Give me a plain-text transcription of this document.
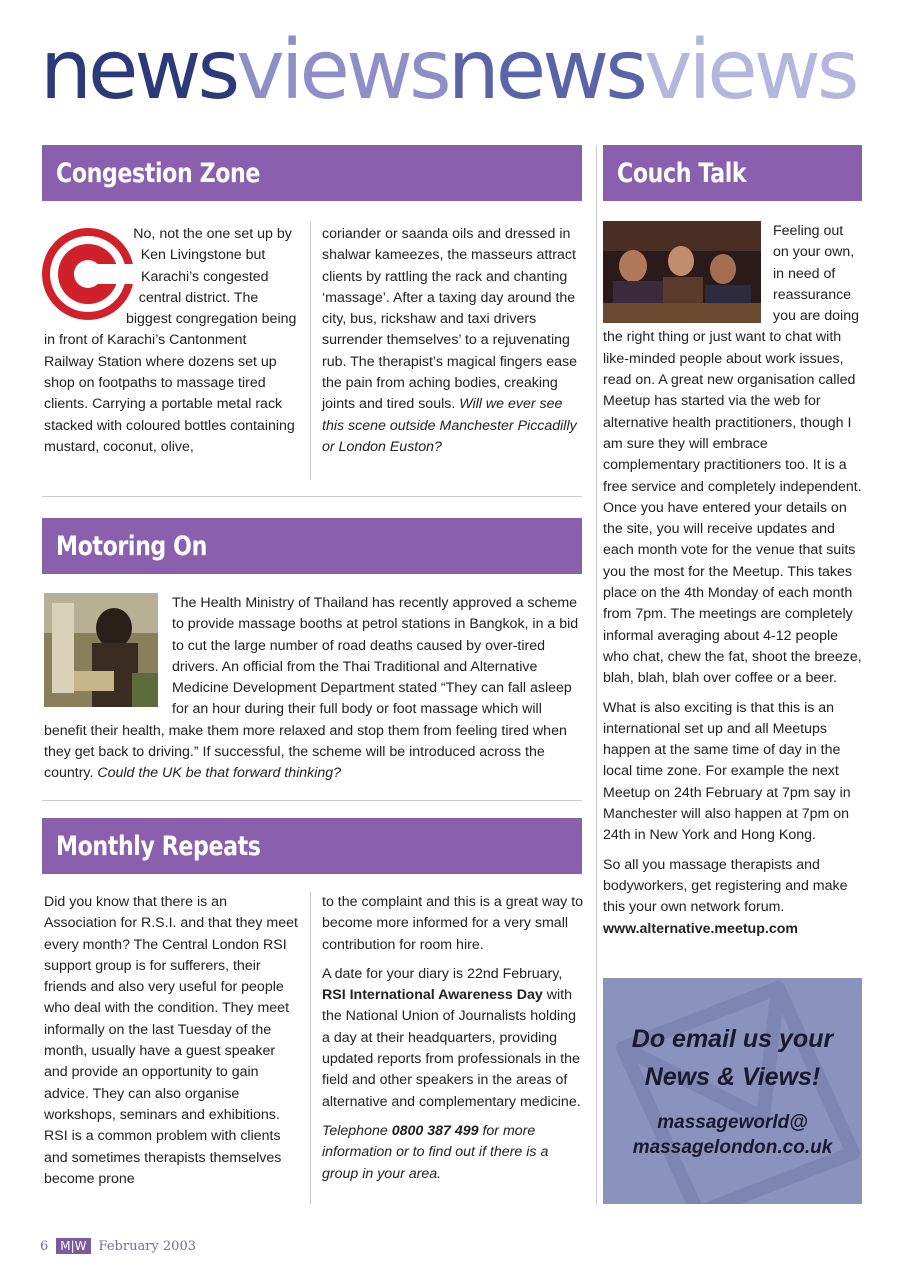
newsviewsnewsviews
Congestion Zone	Couch Talk
Motoring On
Monthly Repeats
No, not the one set up by Ken Livingstone but Karachi’s congested central district. The biggest congregation being in front of Karachi’s Cantonment Railway Station where dozens set up shop on footpaths to massage tired clients. Carrying a portable metal rack stacked with coloured bottles containing mustard, coconut, olive,
coriander or saanda oils and dressed in shalwar kameezes, the masseurs attract clients by rattling the rack and chanting ‘massage’. After a taxing day around the city, bus, rickshaw and taxi drivers surrender themselves’ to a rejuvenating rub. The therapist’s magical fingers ease the pain from aching bodies, creaking joints and tired souls. Will we ever see this scene outside Manchester Piccadilly or London Euston?
The Health Ministry of Thailand has recently approved a scheme to provide massage booths at petrol stations in Bangkok, in a bid to cut the large number of road deaths caused by over-tired drivers. An official from the Thai Traditional and Alternative Medicine Development Department stated “They can fall asleep for an hour during their full body or foot massage which will benefit their health, make them more relaxed and stop them from feeling tired when they get back to driving.” If successful, the scheme will be introduced across the country. Could the UK be that forward thinking?
Did you know that there is an Association for R.S.I. and that they meet every month? The Central London RSI support group is for sufferers, their friends and also very useful for people who deal with the condition. They meet informally on the last Tuesday of the month, usually have a guest speaker and provide an opportunity to gain advice. They can also organise workshops, seminars and exhibitions. RSI is a common problem with clients and sometimes therapists themselves become prone

to the complaint and this is a great way to become more informed for a very small contribution for room hire.

A date for your diary is 22nd February, RSI International Awareness Day with the National Union of Journalists holding a day at their headquarters, providing updated reports from professionals in the field and other speakers in the areas of alternative and complementary medicine.

Telephone 0800 387 499 for more information or to find out if there is a group in your area.

Feeling out on your own, in need of reassurance you are doing the right thing or just want to chat with like-minded people about work issues, read on. A great new organisation called Meetup has started via the web for alternative health practitioners, though I am sure they will embrace complementary practitioners too. It is a free service and completely independent. Once you have entered your details on the site, you will receive updates and each month vote for the venue that suits you the most for the Meetup. This takes place on the 4th Monday of each month from 7pm. The meetings are completely informal averaging about 4-12 people who chat, chew the fat, shoot the breeze, blah, blah, blah over coffee or a beer.

What is also exciting is that this is an international set up and all Meetups happen at the same time of day in the local time zone. For example the next Meetup on 24th February at 7pm say in Manchester will also happen at 7pm on 24th in New York and Hong Kong.

So all you massage therapists and bodyworkers, get registering and make this your own network forum.
www.alternative.meetup.com

Do email us your
News & Views!
massageworld@
massagelondon.co.uk
6	M|W February 2003
